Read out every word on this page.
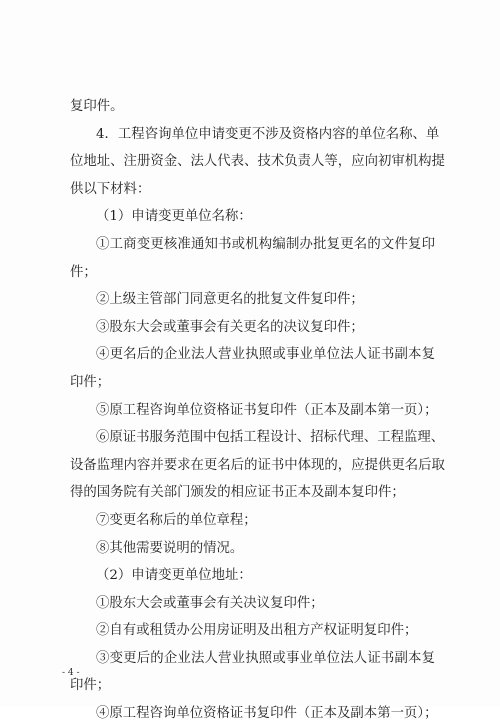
复印件。
4．工程咨询单位申请变更不涉及资格内容的单位名称、单
位地址、注册资金、法人代表、技术负责人等，应向初审机构提
供以下材料：
（1）申请变更单位名称：
①工商变更核准通知书或机构编制办批复更名的文件复印
件；
②上级主管部门同意更名的批复文件复印件；
③股东大会或董事会有关更名的决议复印件；
④更名后的企业法人营业执照或事业单位法人证书副本复
印件；
⑤原工程咨询单位资格证书复印件（正本及副本第一页）；
⑥原证书服务范围中包括工程设计、招标代理、工程监理、
设备监理内容并要求在更名后的证书中体现的，应提供更名后取
得的国务院有关部门颁发的相应证书正本及副本复印件；
⑦变更名称后的单位章程；
⑧其他需要说明的情况。
（2）申请变更单位地址：
①股东大会或董事会有关决议复印件；
②自有或租赁办公用房证明及出租方产权证明复印件；
③变更后的企业法人营业执照或事业单位法人证书副本复
印件；
④原工程咨询单位资格证书复印件（正本及副本第一页）；
- 4 -
